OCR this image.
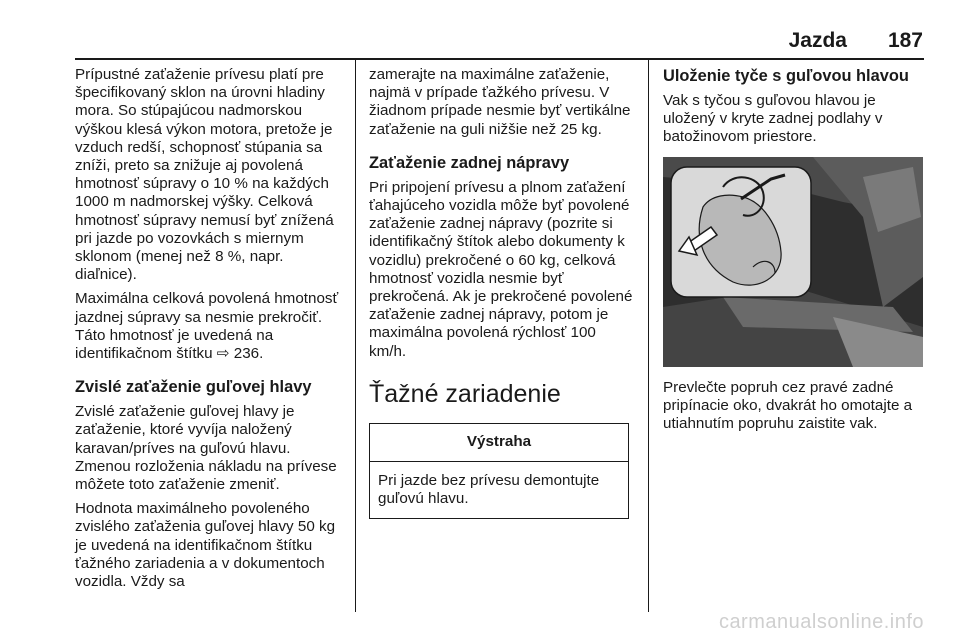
Jazda 187

Prípustné zaťaženie prívesu platí pre špecifikovaný sklon na úrovni hladiny mora. So stúpajúcou nadmorskou výškou klesá výkon motora, pretože je vzduch redší, schopnosť stúpania sa zníži, preto sa znižuje aj povolená hmotnosť súpravy o 10 % na každých 1000 m nadmorskej výšky. Celková hmotnosť súpravy nemusí byť znížená pri jazde po vozovkách s miernym sklonom (menej než 8 %, napr. diaľnice).

Maximálna celková povolená hmotnosť jazdnej súpravy sa nesmie prekročiť. Táto hmotnosť je uvedená na identifikačnom štítku ⇨ 236.

Zvislé zaťaženie guľovej hlavy

Zvislé zaťaženie guľovej hlavy je zaťaženie, ktoré vyvíja naložený karavan/príves na guľovú hlavu. Zmenou rozloženia nákladu na prívese môžete toto zaťaženie zmeniť.

Hodnota maximálneho povoleného zvislého zaťaženia guľovej hlavy 50 kg je uvedená na identifikačnom štítku ťažného zariadenia a v dokumentoch vozidla. Vždy sa

zamerajte na maximálne zaťaženie, najmä v prípade ťažkého prívesu. V žiadnom prípade nesmie byť vertikálne zaťaženie na guli nižšie než 25 kg.

Zaťaženie zadnej nápravy

Pri pripojení prívesu a plnom zaťažení ťahajúceho vozidla môže byť povolené zaťaženie zadnej nápravy (pozrite si identifikačný štítok alebo dokumenty k vozidlu) prekročené o 60 kg, celková hmotnosť vozidla nesmie byť prekročená. Ak je prekročené povolené zaťaženie zadnej nápravy, potom je maximálna povolená rýchlosť 100 km/h.

Ťažné zariadenie
Výstraha
Pri jazde bez prívesu demontujte guľovú hlavu.
Uloženie tyče s guľovou hlavou

Vak s tyčou s guľovou hlavou je uložený v kryte zadnej podlahy v batožinovom priestore.

Prevlečte popruh cez pravé zadné pripínacie oko, dvakrát ho omotajte a utiahnutím popruhu zaistite vak.

carmanualsonline.info
